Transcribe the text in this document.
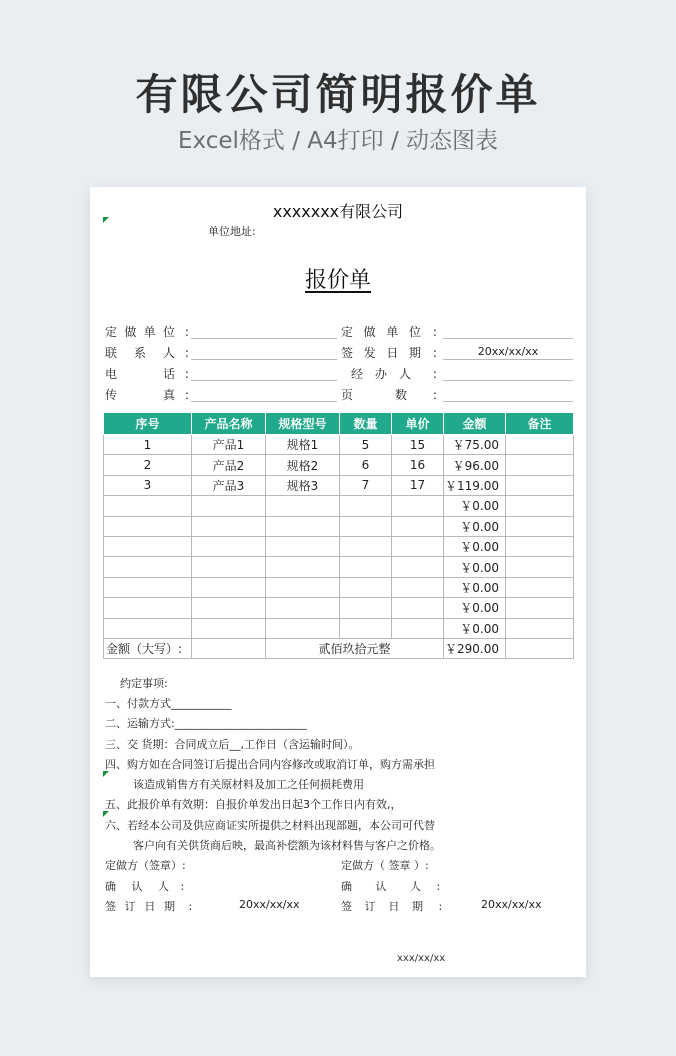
有限公司简明报价单
Excel格式 / A4打印 / 动态图表
xxxxxxx有限公司
单位地址:
报价单
定做单位 :
联系人 :
电话 :
传真 :
定做单位 :
签发日期 :	20xx/xx/xx
经办人 :
页数 :
序号	产品名称	规格型号	数量	单价	金额	备注
1	产品1	规格1	5	15	￥75.00	
2	产品2	规格2	6	16	￥96.00	
3	产品3	规格3	7	17	￥119.00	
					￥0.00	
					￥0.00	
					￥0.00	
					￥0.00	
					￥0.00	
					￥0.00	
					￥0.00	
金额（大写）:		贰佰玖拾元整			￥290.00	
约定事项:
一、付款方式___________
二、运输方式:________________________
三、交 货期：合同成立后__,工作日（含运输时间）。
四、购方如在合同签订后提出合同内容修改或取消订单，购方需承担
该造成销售方有关原材料及加工之任何损耗费用
五、此报价单有效期：自报价单发出日起3个工作日内有效,，
六、若经本公司及供应商证实所提供之材料出现部题，本公司可代替
客户向有关供货商后映，最高补偿额为该材料售与客户之价格。
定做方（签章）:	定做方（ 签章 ）:
确认人 :	确认人 :
签订日期 :	20xx/xx/xx	签订日期 :	20xx/xx/xx
xxx/xx/xx
